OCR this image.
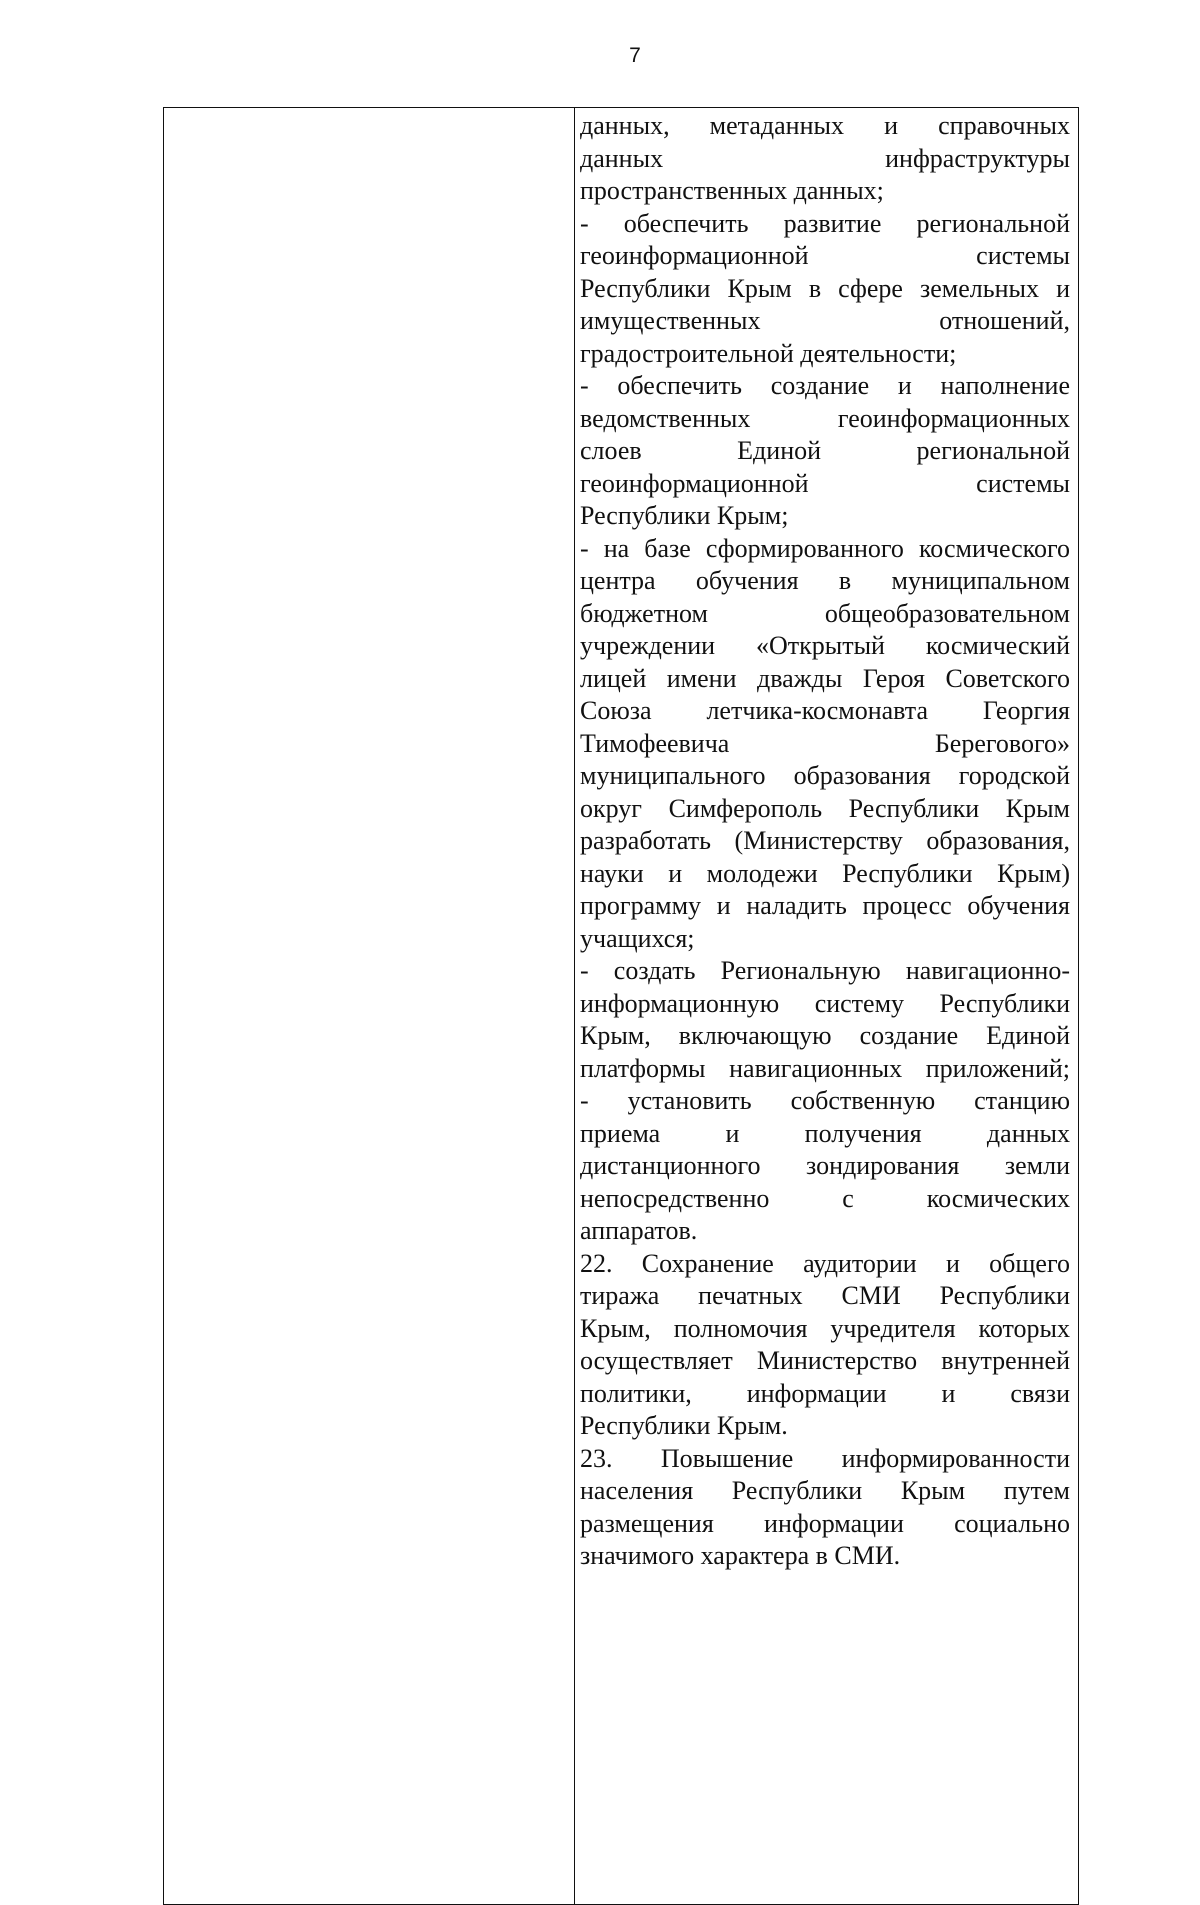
7
данных, метаданных и справочных
данных инфраструктуры
пространственных данных;
- обеспечить развитие региональной
геоинформационной системы
Республики Крым в сфере земельных и
имущественных отношений,
градостроительной деятельности;
- обеспечить создание и наполнение
ведомственных геоинформационных
слоев Единой региональной
геоинформационной системы
Республики Крым;
- на базе сформированного космического
центра обучения в муниципальном
бюджетном общеобразовательном
учреждении «Открытый космический
лицей имени дважды Героя Советского
Союза летчика-космонавта Георгия
Тимофеевича Берегового»
муниципального образования городской
округ Симферополь Республики Крым
разработать (Министерству образования,
науки и молодежи Республики Крым)
программу и наладить процесс обучения
учащихся;
- создать Региональную навигационно-
информационную систему Республики
Крым, включающую создание Единой
платформы навигационных приложений;
- установить собственную станцию
приема и получения данных
дистанционного зондирования земли
непосредственно с космических
аппаратов.
22. Сохранение аудитории и общего
тиража печатных СМИ Республики
Крым, полномочия учредителя которых
осуществляет Министерство внутренней
политики, информации и связи
Республики Крым.
23. Повышение информированности
населения Республики Крым путем
размещения информации социально
значимого характера в СМИ.
